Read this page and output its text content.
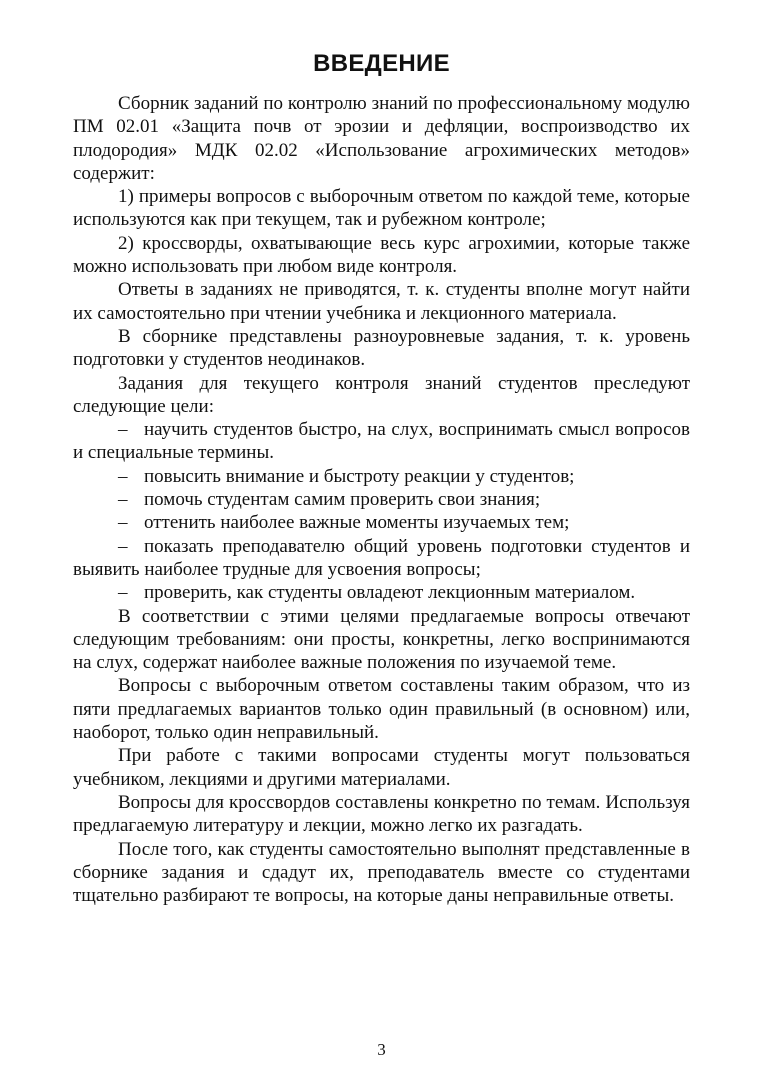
ВВЕДЕНИЕ

Сборник заданий по контролю знаний по профессиональному модулю ПМ 02.01 «Защита почв от эрозии и дефляции, воспроизводство их плодородия» МДК 02.02 «Использование агрохимических методов» содержит:

1) примеры вопросов с выборочным ответом по каждой теме, которые используются как при текущем, так и рубежном контроле;

2) кроссворды, охватывающие весь курс агрохимии, которые также можно использовать при любом виде контроля.

Ответы в заданиях не приводятся, т. к. студенты вполне могут найти их самостоятельно при чтении учебника и лекционного материала.

В сборнике представлены разноуровневые задания, т. к. уровень подготовки у студентов неодинаков.

Задания для текущего контроля знаний студентов преследуют следующие цели:

– научить студентов быстро, на слух, воспринимать смысл вопросов и специальные термины.

– повысить внимание и быстроту реакции у студентов;

– помочь студентам самим проверить свои знания;

– оттенить наиболее важные моменты изучаемых тем;

– показать преподавателю общий уровень подготовки студентов и выявить наиболее трудные для усвоения вопросы;

– проверить, как студенты овладеют лекционным материалом.

В соответствии с этими целями предлагаемые вопросы отвечают следующим требованиям: они просты, конкретны, легко воспринимаются на слух, содержат наиболее важные положения по изучаемой теме.

Вопросы с выборочным ответом составлены таким образом, что из пяти предлагаемых вариантов только один правильный (в основном) или, наоборот, только один неправильный.

При работе с такими вопросами студенты могут пользоваться учебником, лекциями и другими материалами.

Вопросы для кроссвордов составлены конкретно по темам. Используя предлагаемую литературу и лекции, можно легко их разгадать.

После того, как студенты самостоятельно выполнят представленные в сборнике задания и сдадут их, преподаватель вместе со студентами тщательно разбирают те вопросы, на которые даны неправильные ответы.

3
